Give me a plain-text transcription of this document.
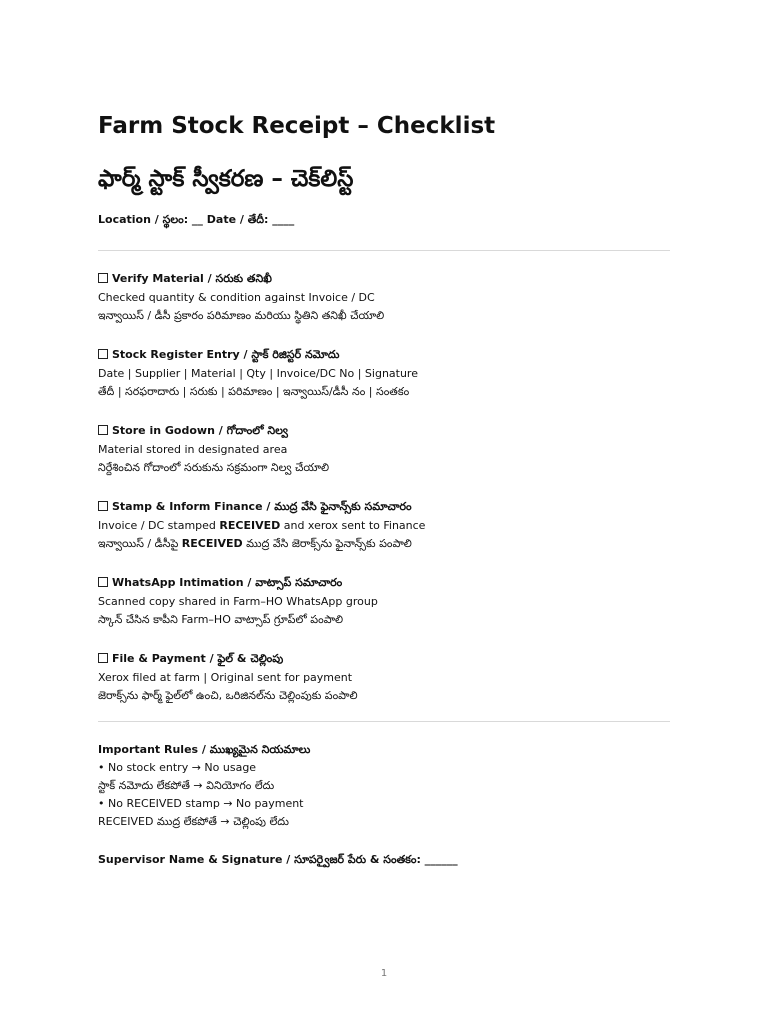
Farm Stock Receipt – Checklist
ఫార్మ్ స్టాక్ స్వీకరణ – చెక్‌లిస్ట్
Location / స్థలం: __ Date / తేదీ: ____
Verify Material / సరుకు తనిఖీ
Checked quantity & condition against Invoice / DC
ఇన్వాయిస్ / డీసీ ప్రకారం పరిమాణం మరియు స్థితిని తనిఖీ చేయాలి
Stock Register Entry / స్టాక్ రిజిస్టర్ నమోదు
Date | Supplier | Material | Qty | Invoice/DC No | Signature
తేదీ | సరఫరాదారు | సరుకు | పరిమాణం | ఇన్వాయిస్/డీసీ నం | సంతకం
Store in Godown / గోదాంలో నిల్వ
Material stored in designated area
నిర్దేశించిన గోదాంలో సరుకును సక్రమంగా నిల్వ చేయాలి
Stamp & Inform Finance / ముద్ర వేసి ఫైనాన్స్‌కు సమాచారం
Invoice / DC stamped RECEIVED and xerox sent to Finance
ఇన్వాయిస్ / డీసీపై RECEIVED ముద్ర వేసి జెరాక్స్‌ను ఫైనాన్స్‌కు పంపాలి
WhatsApp Intimation / వాట్సాప్ సమాచారం
Scanned copy shared in Farm–HO WhatsApp group
స్కాన్ చేసిన కాపీని Farm–HO వాట్సాప్ గ్రూప్‌లో పంపాలి
File & Payment / ఫైల్ & చెల్లింపు
Xerox filed at farm | Original sent for payment
జెరాక్స్‌ను ఫార్మ్ ఫైల్‌లో ఉంచి, ఒరిజినల్‌ను చెల్లింపుకు పంపాలి
Important Rules / ముఖ్యమైన నియమాలు
• No stock entry → No usage
స్టాక్ నమోదు లేకపోతే → వినియోగం లేదు
• No RECEIVED stamp → No payment
RECEIVED ముద్ర లేకపోతే → చెల్లింపు లేదు
Supervisor Name & Signature / సూపర్వైజర్ పేరు & సంతకం: ______
1
